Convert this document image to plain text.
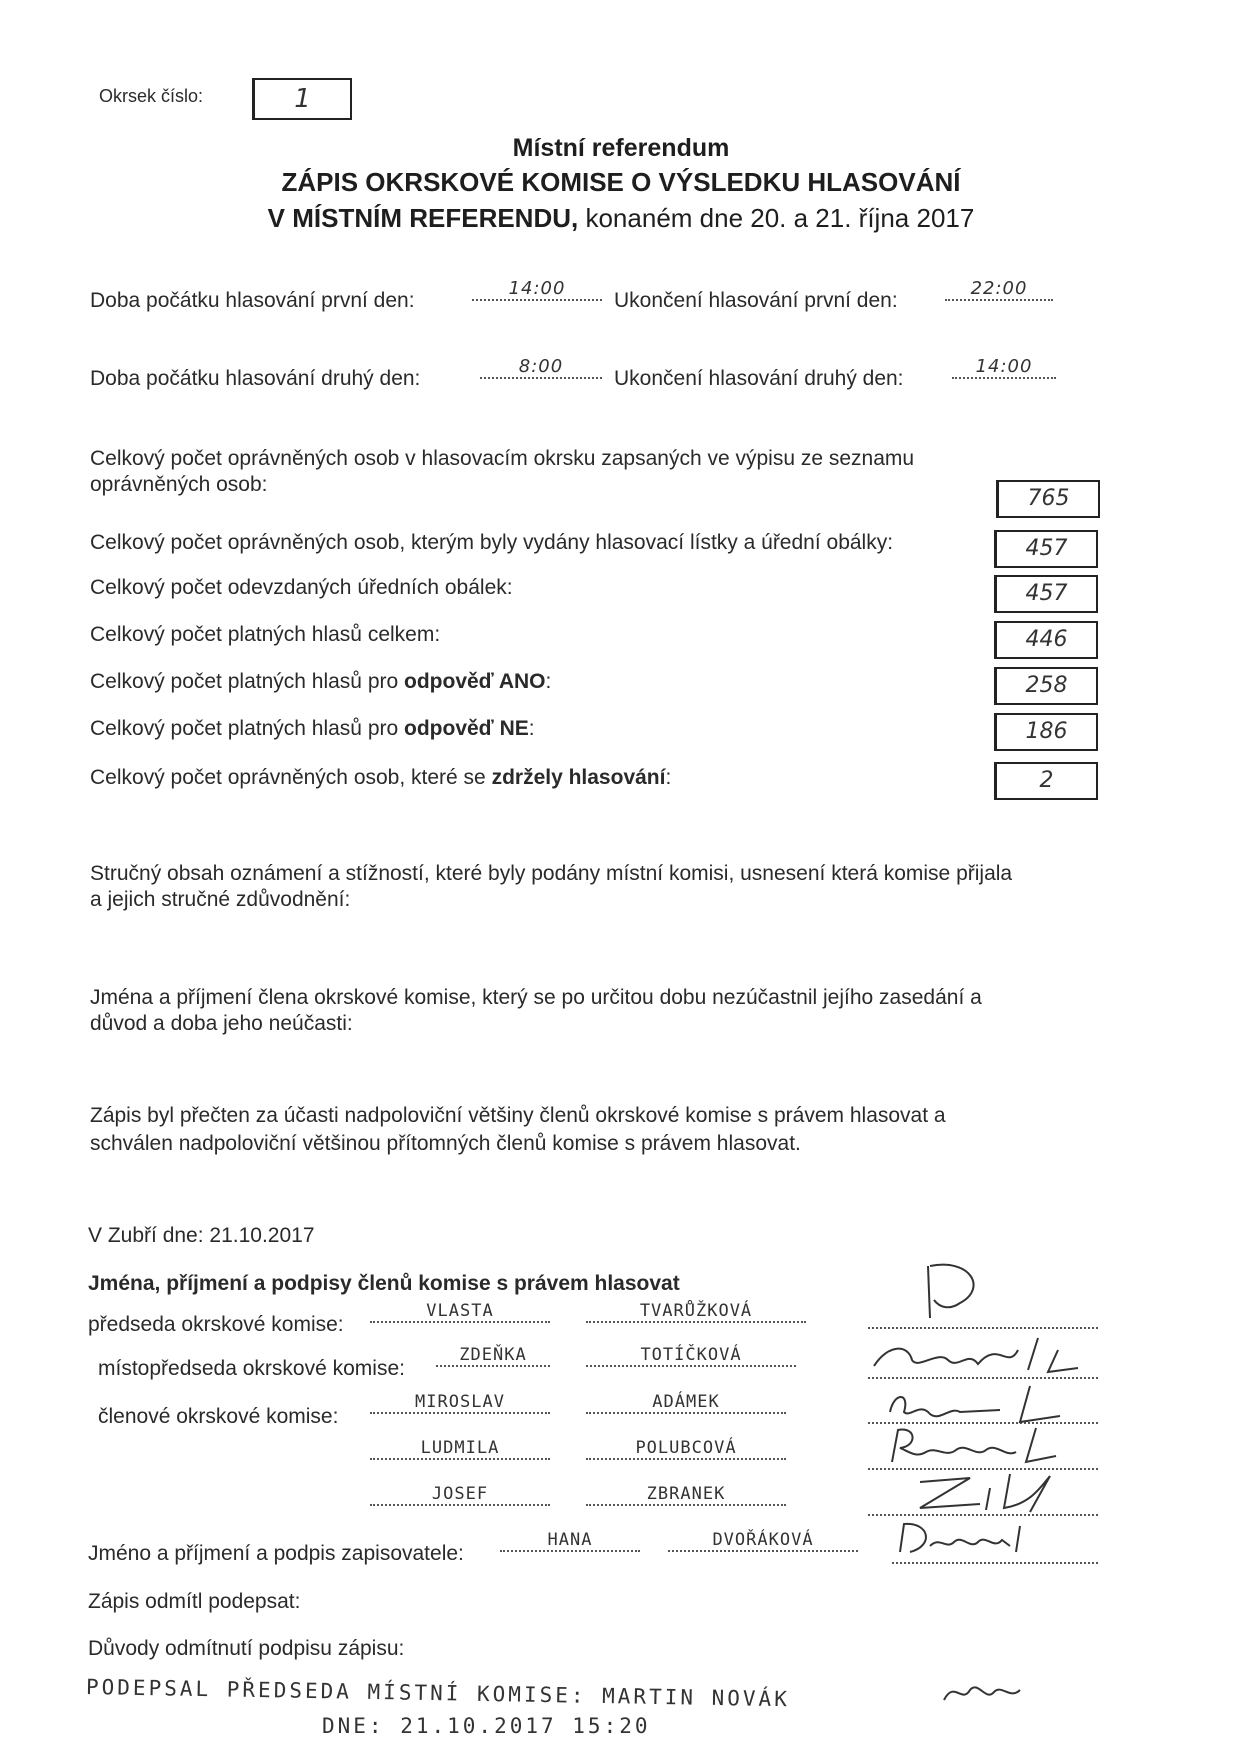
Okrsek číslo:	1
Místní referendum
ZÁPIS OKRSKOVÉ KOMISE O VÝSLEDKU HLASOVÁNÍ
V MÍSTNÍM REFERENDU, konaném dne 20. a 21. října 2017
Doba počátku hlasování první den:
14:00
Ukončení hlasování první den:
22:00
Doba počátku hlasování druhý den:
8:00
Ukončení hlasování druhý den:
14:00
Celkový počet oprávněných osob v hlasovacím okrsku zapsaných ve výpisu ze seznamu
oprávněných osob:
765
Celkový počet oprávněných osob, kterým byly vydány hlasovací lístky a úřední obálky:	457
Celkový počet odevzdaných úředních obálek:	457
Celkový počet platných hlasů celkem:	446
Celkový počet platných hlasů pro odpověď ANO:	258
Celkový počet platných hlasů pro odpověď NE:	186
Celkový počet oprávněných osob, které se zdržely hlasování:	2
Stručný obsah oznámení a stížností, které byly podány místní komisi, usnesení která komise přijala
a jejich stručné zdůvodnění:
Jména a příjmení člena okrskové komise, který se po určitou dobu nezúčastnil jejího zasedání a
důvod a doba jeho neúčasti:
Zápis byl přečten za účasti nadpoloviční většiny členů okrskové komise s právem hlasovat a
schválen nadpoloviční většinou přítomných členů komise s právem hlasovat.
V Zubří dne: 21.10.2017
Jména, příjmení a podpisy členů komise s právem hlasovat
předseda okrskové komise:
VLASTA	TVARŮŽKOVÁ
místopředseda okrskové komise:
ZDEŇKA	TOTÍČKOVÁ
členové okrskové komise:
MIROSLAV	ADÁMEK
LUDMILA	POLUBCOVÁ
JOSEF	ZBRANEK
Jméno a příjmení a podpis zapisovatele:
HANA	DVOŘÁKOVÁ
Zápis odmítl podepsat:
Důvody odmítnutí podpisu zápisu:
PODEPSAL PŘEDSEDA MÍSTNÍ KOMISE: MARTIN NOVÁK
DNE: 21.10.2017 15:20
